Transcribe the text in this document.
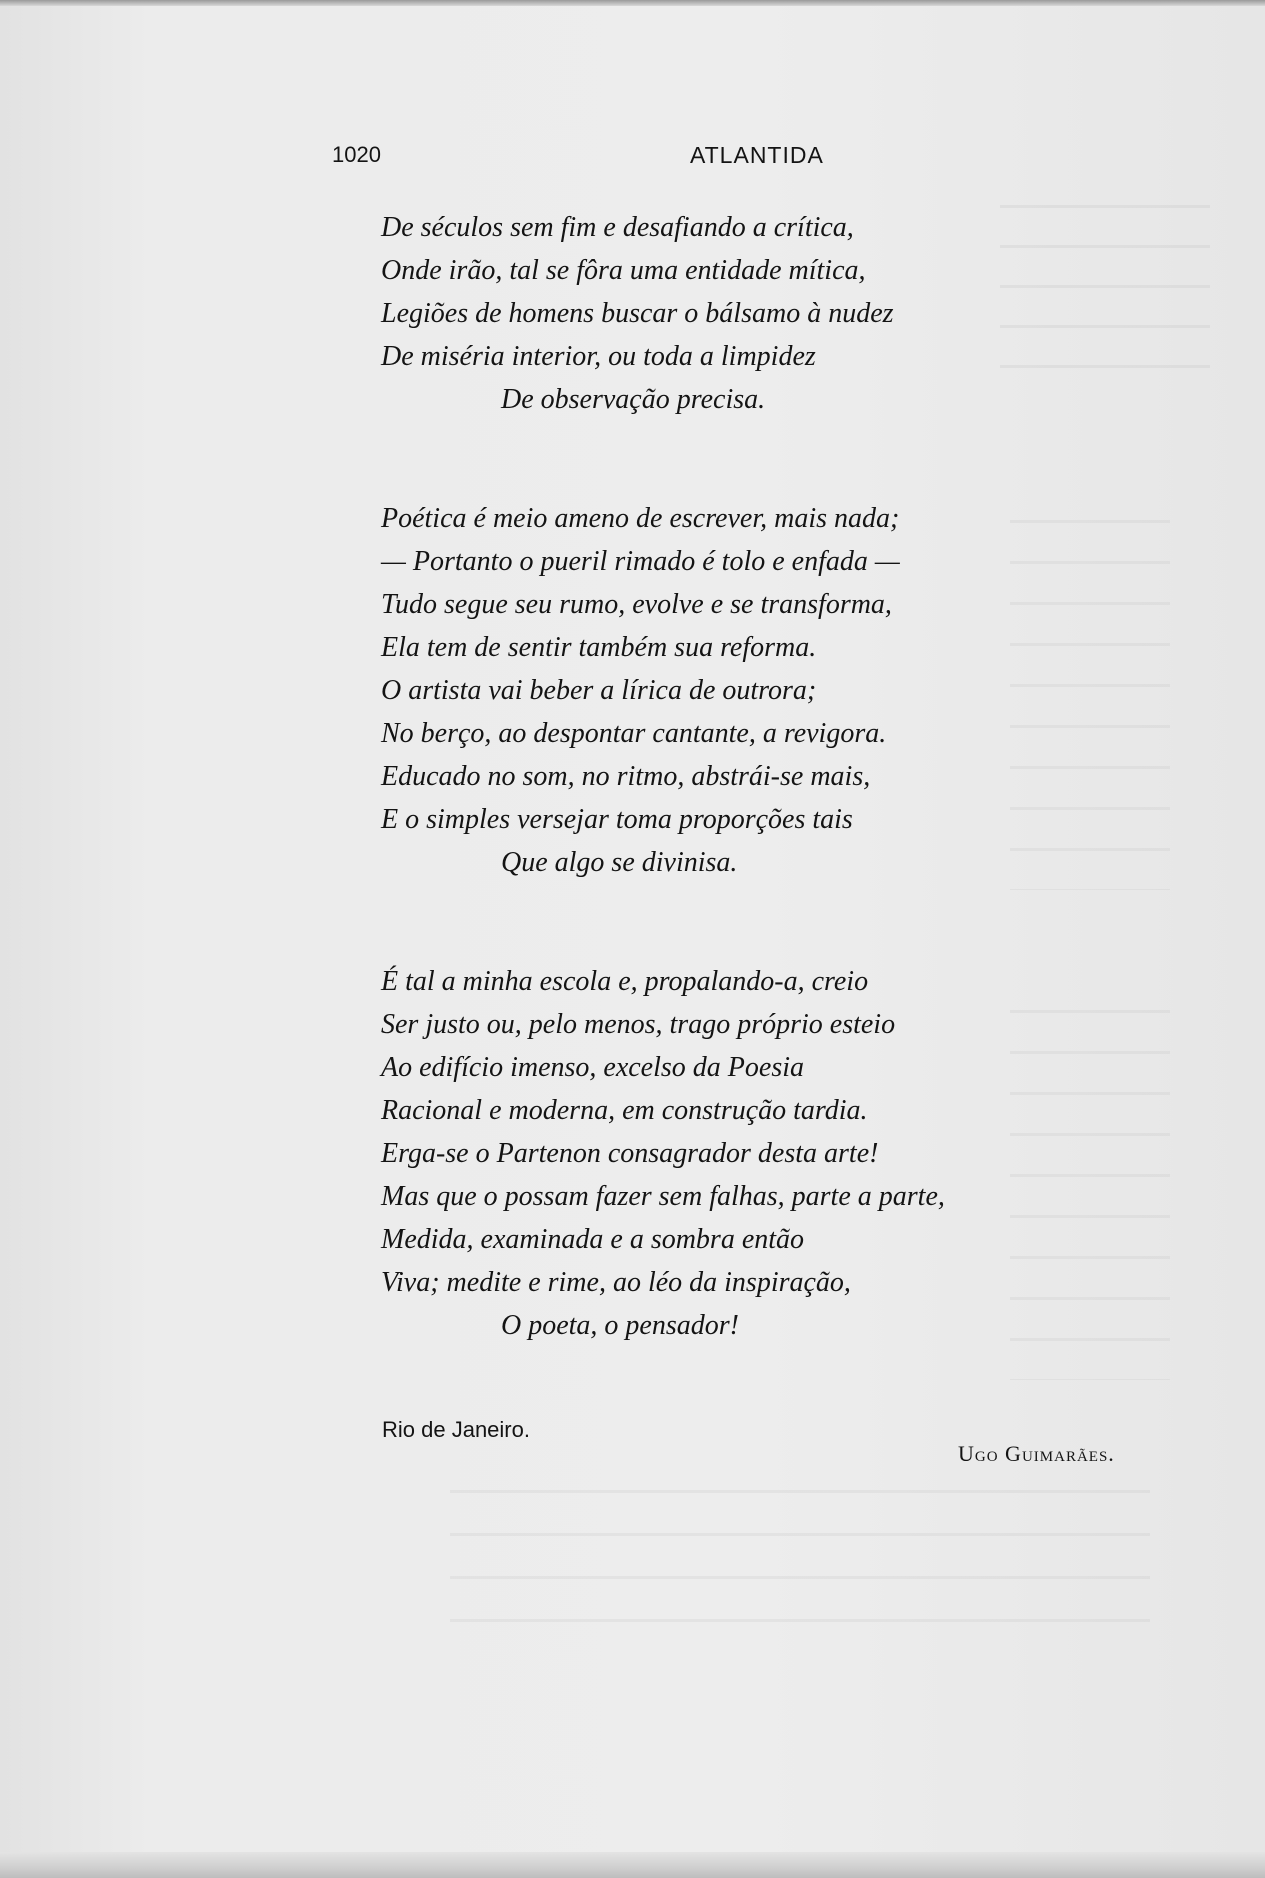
1020	ATLANTIDA
De séculos sem fim e desafiando a crítica,
Onde irão, tal se fôra uma entidade mítica,
Legiões de homens buscar o bálsamo à nudez
De miséria interior, ou toda a limpidez
De observação precisa.
Poética é meio ameno de escrever, mais nada;
— Portanto o pueril rimado é tolo e enfada —
Tudo segue seu rumo, evolve e se transforma,
Ela tem de sentir também sua reforma.
O artista vai beber a lírica de outrora;
No berço, ao despontar cantante, a revigora.
Educado no som, no ritmo, abstrái-se mais,
E o simples versejar toma proporções tais
Que algo se divinisa.
É tal a minha escola e, propalando-a, creio
Ser justo ou, pelo menos, trago próprio esteio
Ao edifício imenso, excelso da Poesia
Racional e moderna, em construção tardia.
Erga-se o Partenon consagrador desta arte!
Mas que o possam fazer sem falhas, parte a parte,
Medida, examinada e a sombra então
Viva; medite e rime, ao léo da inspiração,
O poeta, o pensador!
Rio de Janeiro.
Ugo Guimarães.
